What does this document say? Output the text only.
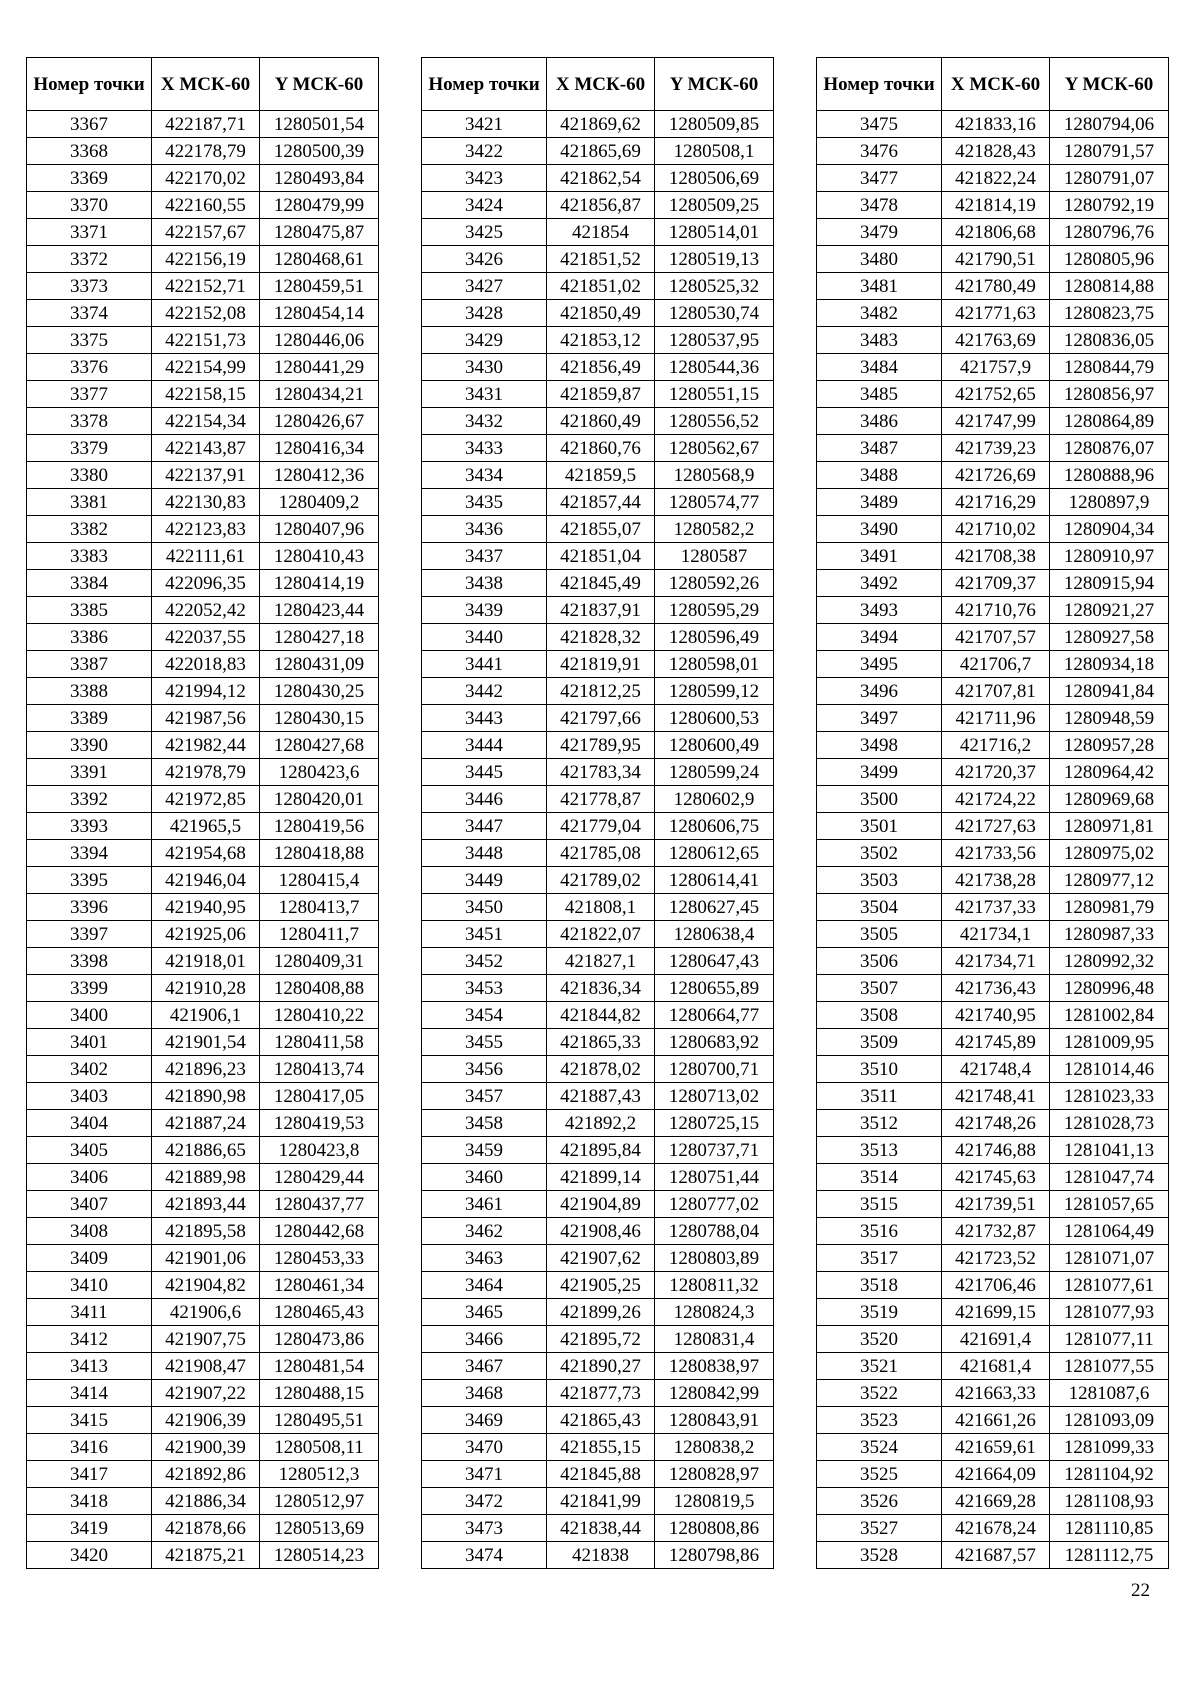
Номер точки	X МСК-60	Y МСК-60
3367	422187,71	1280501,54
3368	422178,79	1280500,39
3369	422170,02	1280493,84
3370	422160,55	1280479,99
3371	422157,67	1280475,87
3372	422156,19	1280468,61
3373	422152,71	1280459,51
3374	422152,08	1280454,14
3375	422151,73	1280446,06
3376	422154,99	1280441,29
3377	422158,15	1280434,21
3378	422154,34	1280426,67
3379	422143,87	1280416,34
3380	422137,91	1280412,36
3381	422130,83	1280409,2
3382	422123,83	1280407,96
3383	422111,61	1280410,43
3384	422096,35	1280414,19
3385	422052,42	1280423,44
3386	422037,55	1280427,18
3387	422018,83	1280431,09
3388	421994,12	1280430,25
3389	421987,56	1280430,15
3390	421982,44	1280427,68
3391	421978,79	1280423,6
3392	421972,85	1280420,01
3393	421965,5	1280419,56
3394	421954,68	1280418,88
3395	421946,04	1280415,4
3396	421940,95	1280413,7
3397	421925,06	1280411,7
3398	421918,01	1280409,31
3399	421910,28	1280408,88
3400	421906,1	1280410,22
3401	421901,54	1280411,58
3402	421896,23	1280413,74
3403	421890,98	1280417,05
3404	421887,24	1280419,53
3405	421886,65	1280423,8
3406	421889,98	1280429,44
3407	421893,44	1280437,77
3408	421895,58	1280442,68
3409	421901,06	1280453,33
3410	421904,82	1280461,34
3411	421906,6	1280465,43
3412	421907,75	1280473,86
3413	421908,47	1280481,54
3414	421907,22	1280488,15
3415	421906,39	1280495,51
3416	421900,39	1280508,11
3417	421892,86	1280512,3
3418	421886,34	1280512,97
3419	421878,66	1280513,69
3420	421875,21	1280514,23
Номер точки	X МСК-60	Y МСК-60
3421	421869,62	1280509,85
3422	421865,69	1280508,1
3423	421862,54	1280506,69
3424	421856,87	1280509,25
3425	421854	1280514,01
3426	421851,52	1280519,13
3427	421851,02	1280525,32
3428	421850,49	1280530,74
3429	421853,12	1280537,95
3430	421856,49	1280544,36
3431	421859,87	1280551,15
3432	421860,49	1280556,52
3433	421860,76	1280562,67
3434	421859,5	1280568,9
3435	421857,44	1280574,77
3436	421855,07	1280582,2
3437	421851,04	1280587
3438	421845,49	1280592,26
3439	421837,91	1280595,29
3440	421828,32	1280596,49
3441	421819,91	1280598,01
3442	421812,25	1280599,12
3443	421797,66	1280600,53
3444	421789,95	1280600,49
3445	421783,34	1280599,24
3446	421778,87	1280602,9
3447	421779,04	1280606,75
3448	421785,08	1280612,65
3449	421789,02	1280614,41
3450	421808,1	1280627,45
3451	421822,07	1280638,4
3452	421827,1	1280647,43
3453	421836,34	1280655,89
3454	421844,82	1280664,77
3455	421865,33	1280683,92
3456	421878,02	1280700,71
3457	421887,43	1280713,02
3458	421892,2	1280725,15
3459	421895,84	1280737,71
3460	421899,14	1280751,44
3461	421904,89	1280777,02
3462	421908,46	1280788,04
3463	421907,62	1280803,89
3464	421905,25	1280811,32
3465	421899,26	1280824,3
3466	421895,72	1280831,4
3467	421890,27	1280838,97
3468	421877,73	1280842,99
3469	421865,43	1280843,91
3470	421855,15	1280838,2
3471	421845,88	1280828,97
3472	421841,99	1280819,5
3473	421838,44	1280808,86
3474	421838	1280798,86
Номер точки	X МСК-60	Y МСК-60
3475	421833,16	1280794,06
3476	421828,43	1280791,57
3477	421822,24	1280791,07
3478	421814,19	1280792,19
3479	421806,68	1280796,76
3480	421790,51	1280805,96
3481	421780,49	1280814,88
3482	421771,63	1280823,75
3483	421763,69	1280836,05
3484	421757,9	1280844,79
3485	421752,65	1280856,97
3486	421747,99	1280864,89
3487	421739,23	1280876,07
3488	421726,69	1280888,96
3489	421716,29	1280897,9
3490	421710,02	1280904,34
3491	421708,38	1280910,97
3492	421709,37	1280915,94
3493	421710,76	1280921,27
3494	421707,57	1280927,58
3495	421706,7	1280934,18
3496	421707,81	1280941,84
3497	421711,96	1280948,59
3498	421716,2	1280957,28
3499	421720,37	1280964,42
3500	421724,22	1280969,68
3501	421727,63	1280971,81
3502	421733,56	1280975,02
3503	421738,28	1280977,12
3504	421737,33	1280981,79
3505	421734,1	1280987,33
3506	421734,71	1280992,32
3507	421736,43	1280996,48
3508	421740,95	1281002,84
3509	421745,89	1281009,95
3510	421748,4	1281014,46
3511	421748,41	1281023,33
3512	421748,26	1281028,73
3513	421746,88	1281041,13
3514	421745,63	1281047,74
3515	421739,51	1281057,65
3516	421732,87	1281064,49
3517	421723,52	1281071,07
3518	421706,46	1281077,61
3519	421699,15	1281077,93
3520	421691,4	1281077,11
3521	421681,4	1281077,55
3522	421663,33	1281087,6
3523	421661,26	1281093,09
3524	421659,61	1281099,33
3525	421664,09	1281104,92
3526	421669,28	1281108,93
3527	421678,24	1281110,85
3528	421687,57	1281112,75
22
